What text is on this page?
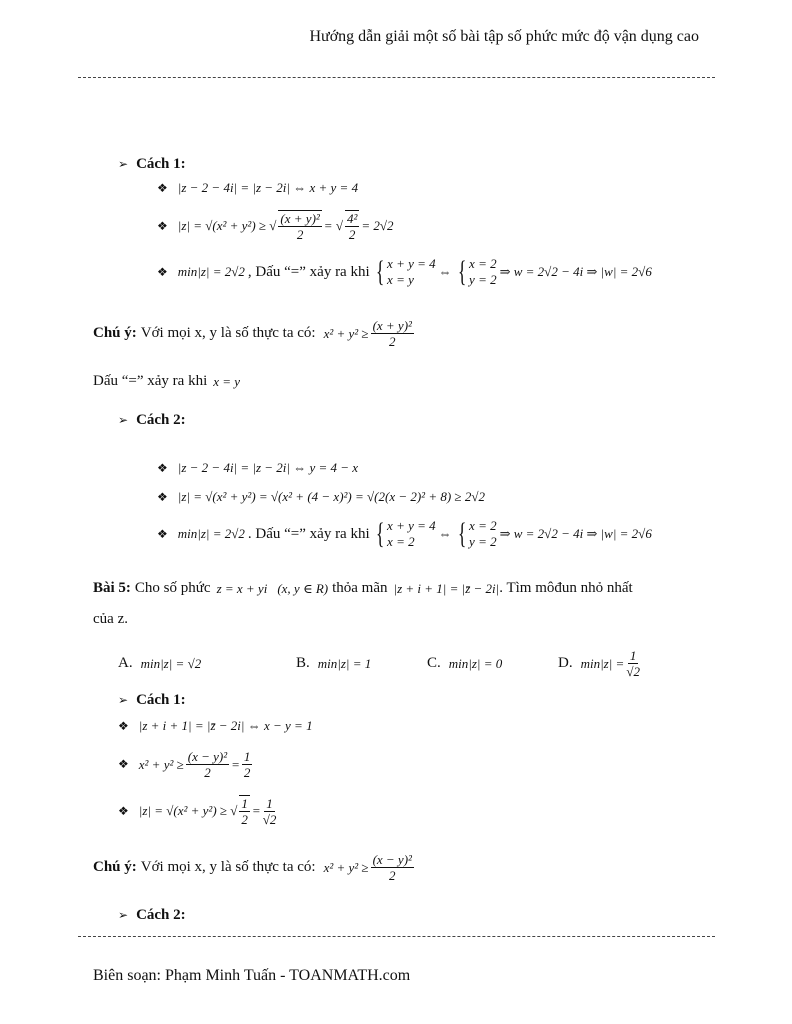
Hướng dẫn giải một số bài tập số phức mức độ vận dụng cao
➢ Cách 1:
❖ |z − 2 − 4i| = |z − 2i| ⇔ x + y = 4
❖ |z| = √(x² + y²) ≥ √ $\frac{\text{(x + y)²}}{2}$ = √ $\frac{\text{4²}}{2} = 2√2$
❖ min|z| = 2√2 , Dấu “=” xảy ra khi { x + y = 4
x = y
⇔ { x = 2
y = 2
⇒ w = 2√2 − 4i ⇒ |w| = 2√6
Chú ý: Với mọi x, y là số thực ta có: $x^2 + y^2 \ge \frac{\text{(x + y)²}}{2}$
Dấu “=” xảy ra khi x = y
➢ Cách 2:
❖ |z − 2 − 4i| = |z − 2i| ⇔ y = 4 − x
❖ |z| = √(x² + y²) = √(x² + (4 − x)²) = √(2(x − 2)² + 8) ≥ 2√2
❖ min|z| = 2√2 . Dấu “=” xảy ra khi { x + y = 4
x = 2
⇔ { x = 2
y = 2
⇒ w = 2√2 − 4i ⇒ |w| = 2√6
Bài 5: Cho số phức z = x + yi (x, y ∈ R) thỏa mãn |z + i + 1| = |z̄ − 2i| . Tìm môđun nhỏ nhất
của z.
A. min|z| = √2	B. min|z| = 1	C. min|z| = 0	D. $\min|z| = \frac{1}{√2}$
➢ Cách 1:
❖ |z + i + 1| = |z̄ − 2i| ⇔ x − y = 1
❖ $x^2 + y^2 \ge \frac{\text{(x − y)²}}{2} = \frac{1}{2}$
❖ |z| = √(x² + y²) ≥ √ $\frac{1}{2} = \frac{1}{√2}$
Chú ý: Với mọi x, y là số thực ta có: $x^2 + y^2 \ge \frac{\text{(x − y)²}}{2}$
➢ Cách 2:
Biên soạn: Phạm Minh Tuấn - TOANMATH.com
